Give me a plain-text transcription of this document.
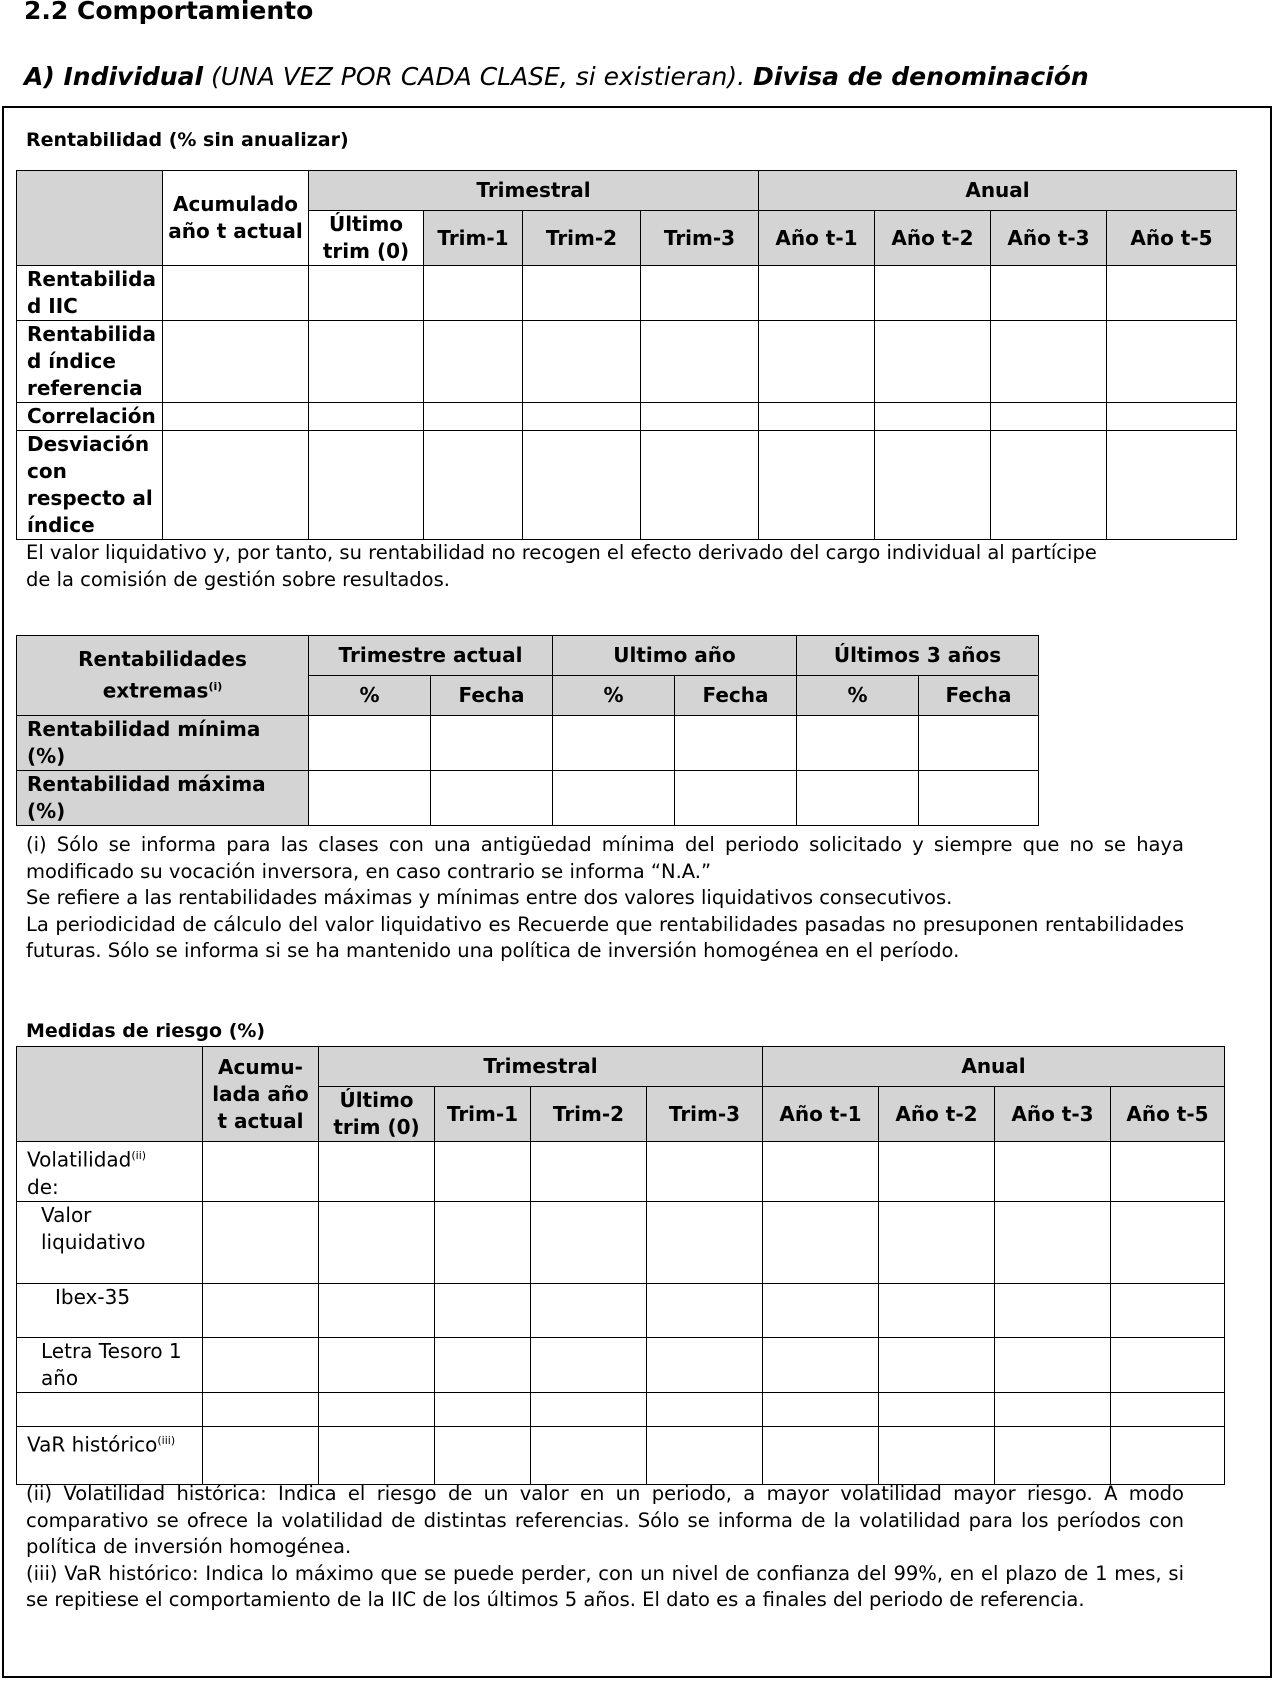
2.2 Comportamiento
A) Individual (UNA VEZ POR CADA CLASE, si existieran). Divisa de denominación
Rentabilidad (% sin anualizar)
	Acumulado año t actual	Trimestral				Anual			
		Último trim (0)	Trim-1	Trim-2	Trim-3	Año t-1	Año t-2	Año t-3	Año t-5
Rentabilida d IIC									
Rentabilida d índice referencia									
Correlación									
Desviación con respecto al índice									
El valor liquidativo y, por tanto, su rentabilidad no recogen el efecto derivado del cargo individual al partícipe de la comisión de gestión sobre resultados.
Rentabilidades extremas$^{(i)}$	Trimestre actual		Ultimo año		Últimos 3 años	
	%	Fecha	%	Fecha	%	Fecha
Rentabilidad mínima (%)						
Rentabilidad máxima (%)						

(i) Sólo se informa para las clases con una antigüedad mínima del periodo solicitado y siempre que no se haya modificado su vocación inversora, en caso contrario se informa “N.A.”

Se refiere a las rentabilidades máximas y mínimas entre dos valores liquidativos consecutivos.

La periodicidad de cálculo del valor liquidativo es Recuerde que rentabilidades pasadas no presuponen rentabilidades futuras. Sólo se informa si se ha mantenido una política de inversión homogénea en el período.

Medidas de riesgo (%)
	Acumu-lada año t actual	Trimestral				Anual			
		Último trim (0)	Trim-1	Trim-2	Trim-3	Año t-1	Año t-2	Año t-3	Año t-5
Volatilidad$^{(ii)}$
de:									
Valor liquidativo									
Ibex-35									
Letra Tesoro 1 año									

VaR histórico$^{(iii)}$									

(ii) Volatilidad histórica: Indica el riesgo de un valor en un periodo, a mayor volatilidad mayor riesgo. A modo comparativo se ofrece la volatilidad de distintas referencias. Sólo se informa de la volatilidad para los períodos con política de inversión homogénea.

(iii) VaR histórico: Indica lo máximo que se puede perder, con un nivel de confianza del 99%, en el plazo de 1 mes, si se repitiese el comportamiento de la IIC de los últimos 5 años. El dato es a finales del periodo de referencia.
